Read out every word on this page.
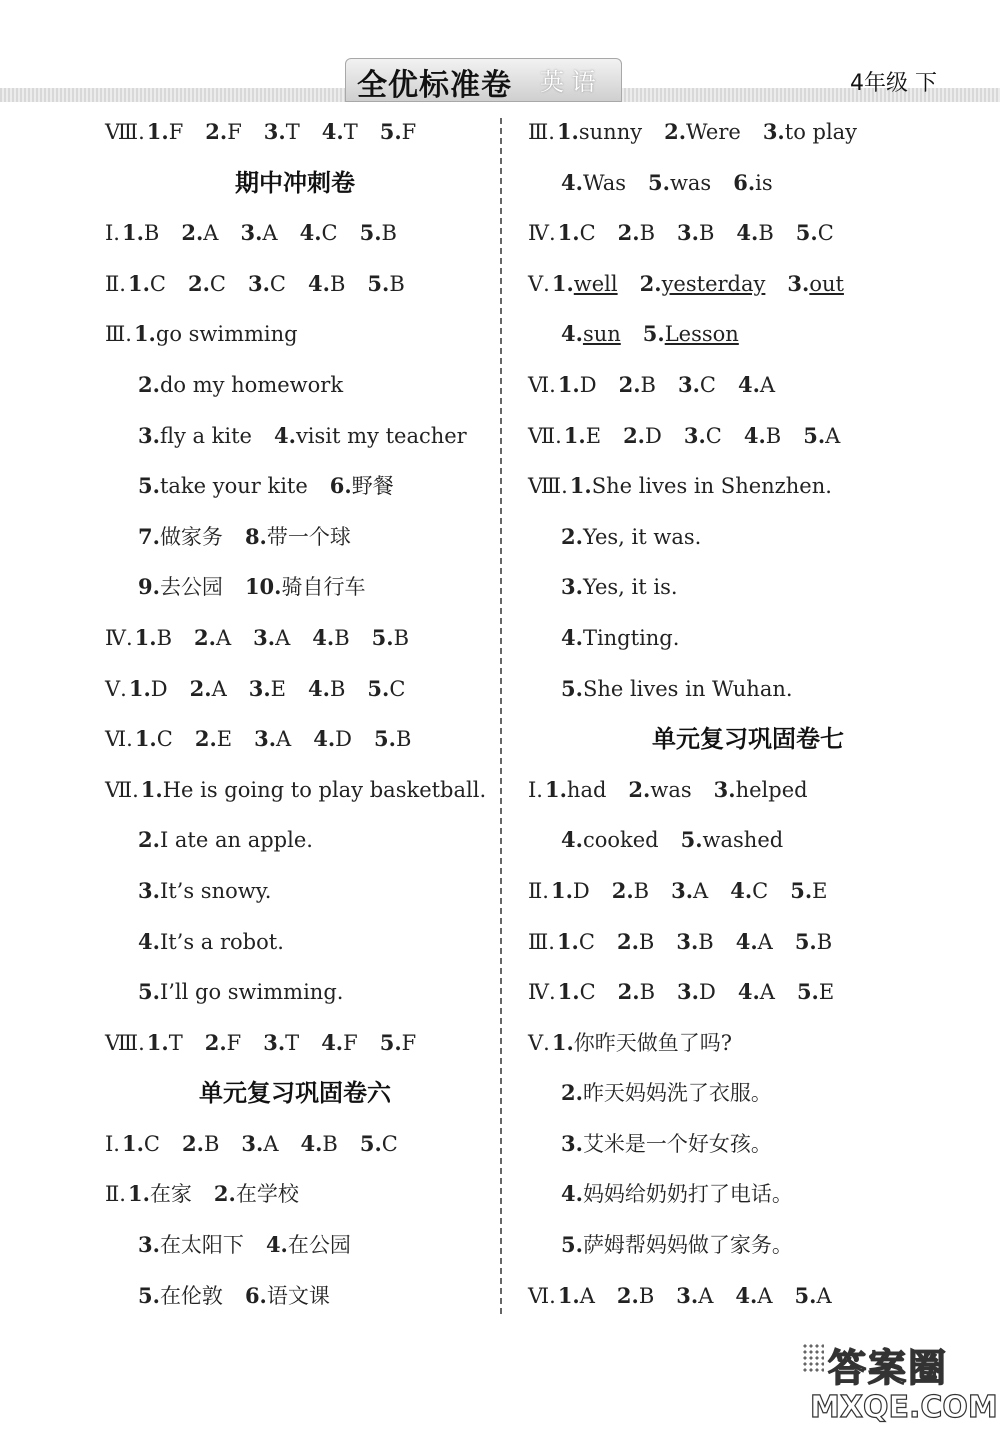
全优标准卷 英 语	4年级 下
Ⅷ.1.F 2.F 3.T 4.T 5.F
期中冲刺卷
Ⅰ.1.B 2.A 3.A 4.C 5.B
Ⅱ.1.C 2.C 3.C 4.B 5.B
Ⅲ.1.go swimming
2.do my homework
3.fly a kite 4.visit my teacher
5.take your kite 6.野餐
7.做家务 8.带一个球
9.去公园 10.骑自行车
Ⅳ.1.B 2.A 3.A 4.B 5.B
Ⅴ.1.D 2.A 3.E 4.B 5.C
Ⅵ.1.C 2.E 3.A 4.D 5.B
Ⅶ.1.He is going to play basketball.
2.I ate an apple.
3.It’s snowy.
4.It’s a robot.
5.I’ll go swimming.
Ⅷ.1.T 2.F 3.T 4.F 5.F
单元复习巩固卷六
Ⅰ.1.C 2.B 3.A 4.B 5.C
Ⅱ.1.在家 2.在学校
3.在太阳下 4.在公园
5.在伦敦 6.语文课
Ⅲ.1.sunny 2.Were 3.to play
4.Was 5.was 6.is
Ⅳ.1.C 2.B 3.B 4.B 5.C
Ⅴ.1.well 2.yesterday 3.out
4.sun 5.Lesson
Ⅵ.1.D 2.B 3.C 4.A
Ⅶ.1.E 2.D 3.C 4.B 5.A
Ⅷ.1.She lives in Shenzhen.
2.Yes, it was.
3.Yes, it is.
4.Tingting.
5.She lives in Wuhan.
单元复习巩固卷七
Ⅰ.1.had 2.was 3.helped
4.cooked 5.washed
Ⅱ.1.D 2.B 3.A 4.C 5.E
Ⅲ.1.C 2.B 3.B 4.A 5.B
Ⅳ.1.C 2.B 3.D 4.A 5.E
Ⅴ.1.你昨天做鱼了吗?
2.昨天妈妈洗了衣服。
3.艾米是一个好女孩。
4.妈妈给奶奶打了电话。
5.萨姆帮妈妈做了家务。
Ⅵ.1.A 2.B 3.A 4.A 5.A
答案圈
MXQE.COM
